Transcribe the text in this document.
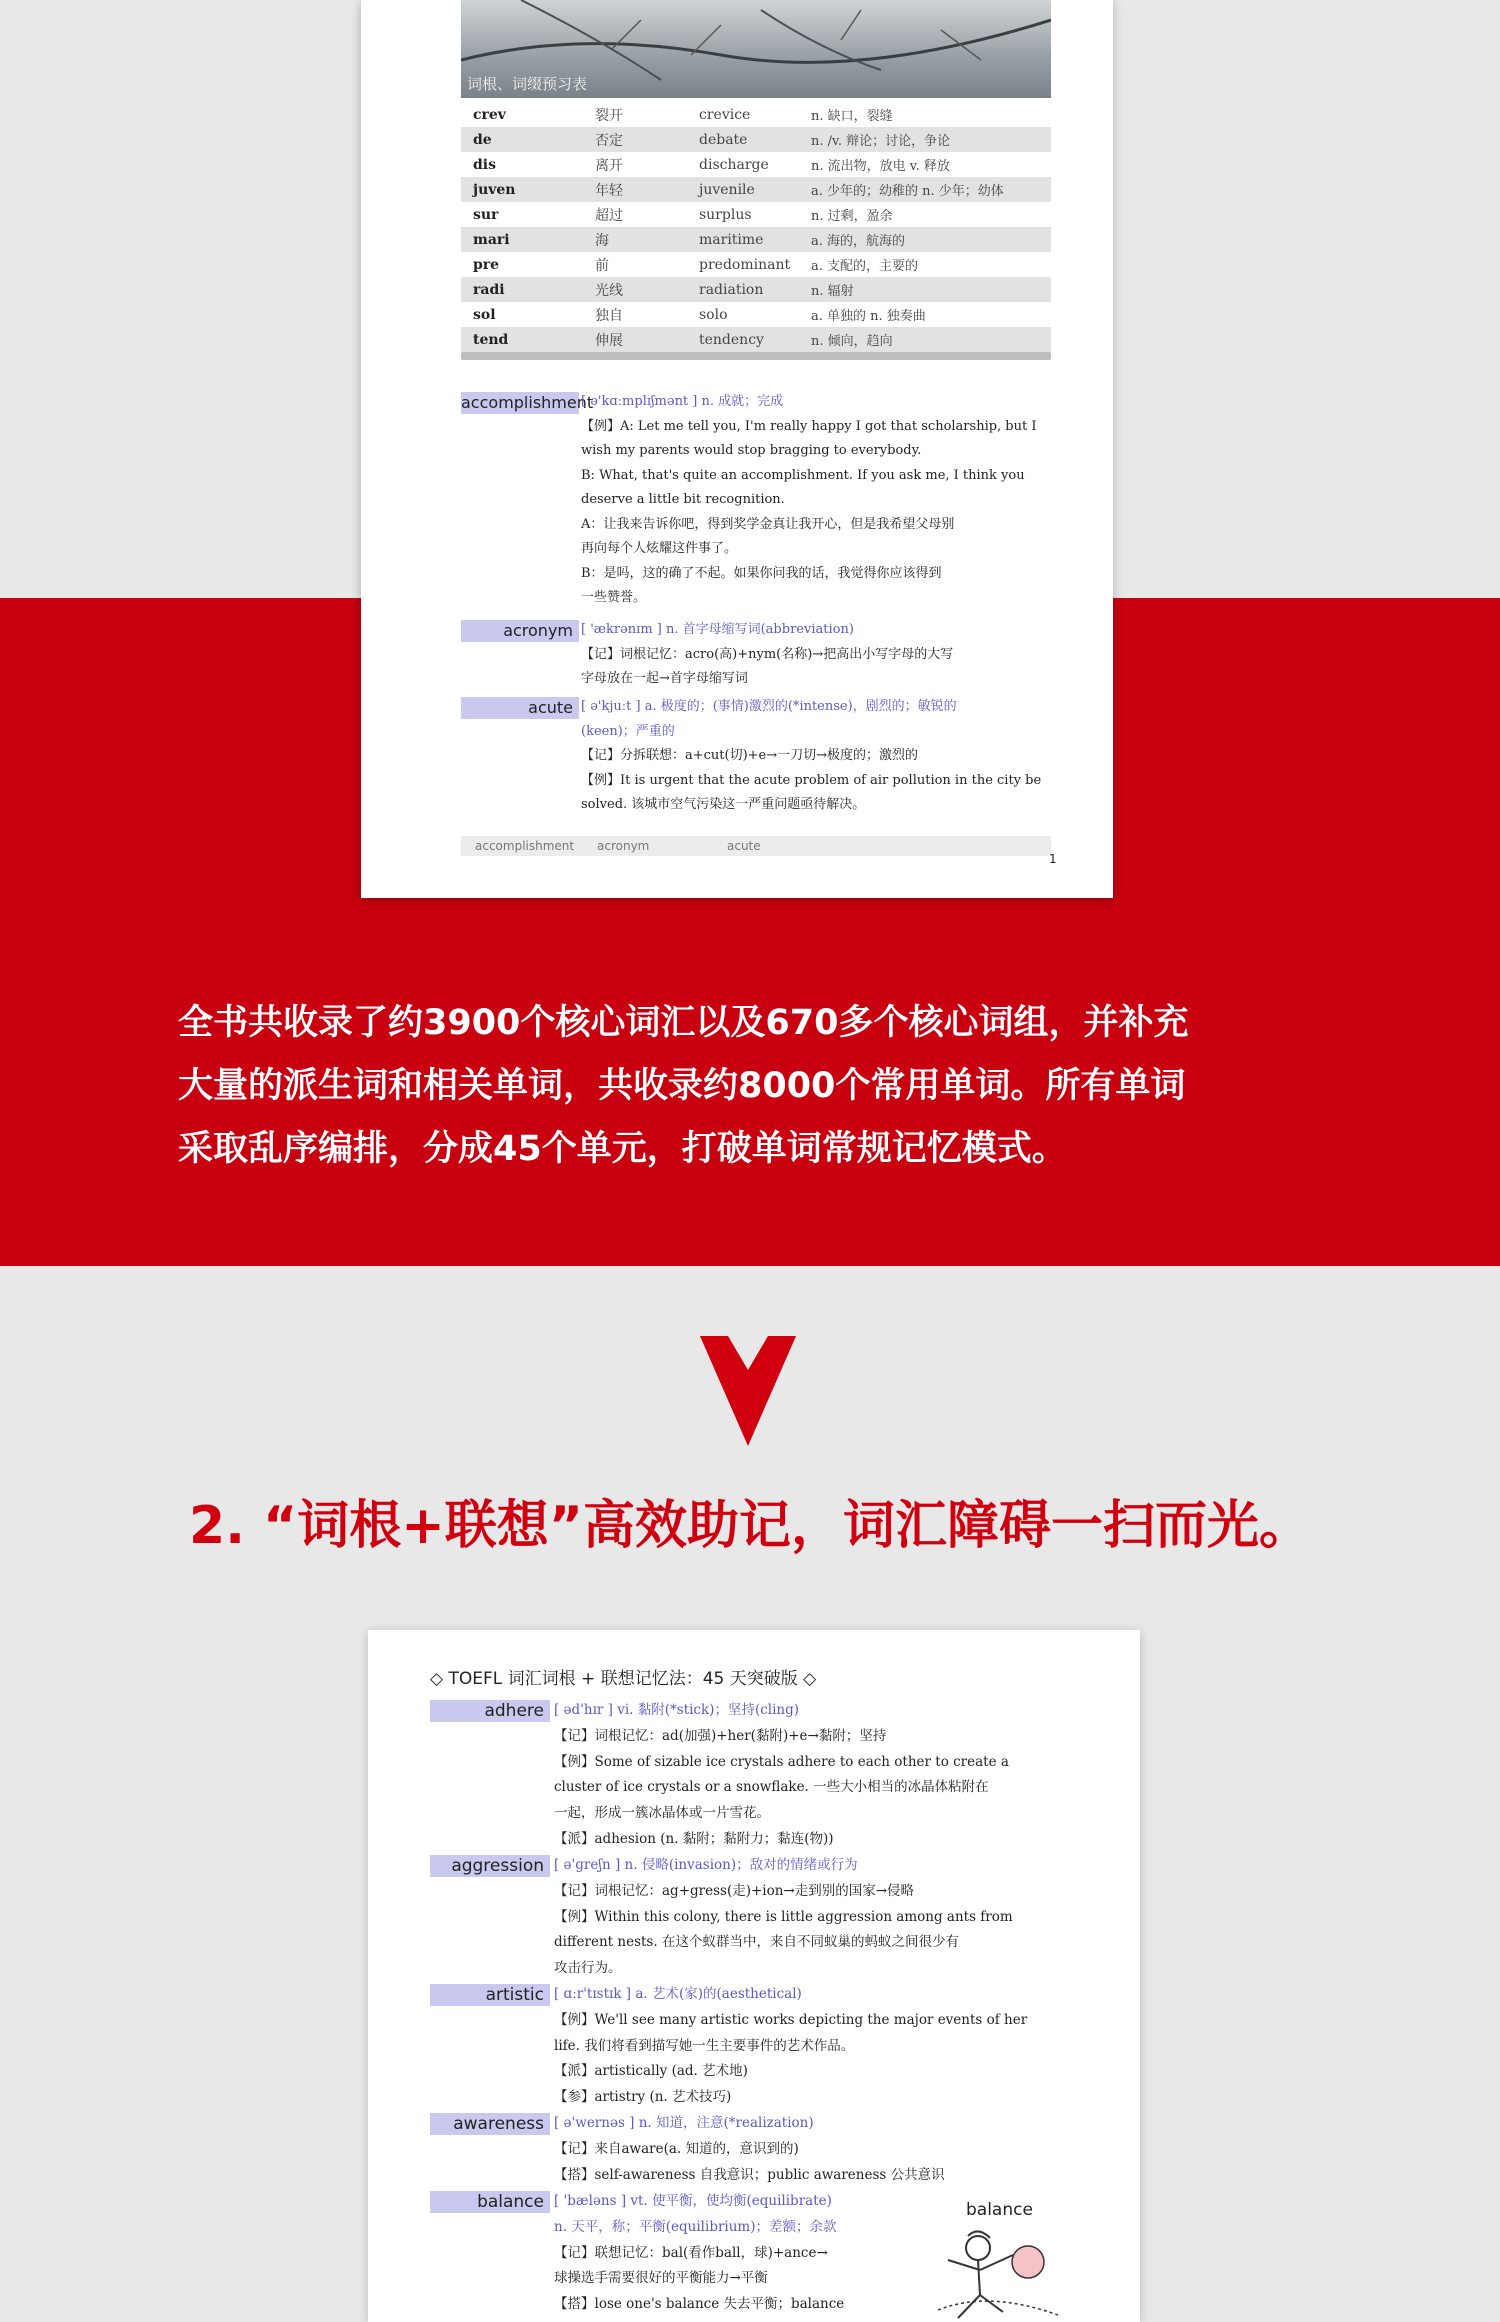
词根、词缀预习表
crev	裂开	crevice	n. 缺口，裂缝
de	否定	debate	n. /v. 辩论；讨论，争论
dis	离开	discharge	n. 流出物，放电 v. 释放
juven	年轻	juvenile	a. 少年的；幼稚的 n. 少年；幼体
sur	超过	surplus	n. 过剩，盈余
mari	海	maritime	a. 海的，航海的
pre	前	predominant	a. 支配的，主要的
radi	光线	radiation	n. 辐射
sol	独自	solo	a. 单独的 n. 独奏曲
tend	伸展	tendency	n. 倾向，趋向
accomplishment

[ ə'kɑːmplɪʃmənt ] n. 成就；完成

【例】A: Let me tell you, I'm really happy I got that scholarship, but I

wish my parents would stop bragging to everybody.

B: What, that's quite an accomplishment. If you ask me, I think you

deserve a little bit recognition.

A：让我来告诉你吧，得到奖学金真让我开心，但是我希望父母别

再向每个人炫耀这件事了。

B：是吗，这的确了不起。如果你问我的话，我觉得你应该得到

一些赞誉。

acronym [ 'ækrənɪm ] n. 首字母缩写词(abbreviation)

【记】词根记忆：acro(高)+nym(名称)→把高出小写字母的大写

字母放在一起→首字母缩写词

acute [ ə'kjuːt ] a. 极度的；(事情)激烈的(*intense)，剧烈的；敏锐的

(keen)；严重的

【记】分拆联想：a+cut(切)+e→一刀切→极度的；激烈的

【例】It is urgent that the acute problem of air pollution in the city be

solved. 该城市空气污染这一严重问题亟待解决。

accomplishment acronym	acute
1
全书共收录了约3900个核心词汇以及670多个核心词组，并补充
大量的派生词和相关单词，共收录约8000个常用单词。所有单词
采取乱序编排，分成45个单元，打破单词常规记忆模式。
2. “词根+联想”高效助记，词汇障碍一扫而光。
◇ TOEFL 词汇词根 + 联想记忆法：45 天突破版 ◇
adhere [ əd'hɪr ] vi. 黏附(*stick)；坚持(cling)

【记】词根记忆：ad(加强)+her(黏附)+e→黏附；坚持

【例】Some of sizable ice crystals adhere to each other to create a

cluster of ice crystals or a snowflake. 一些大小相当的冰晶体粘附在

一起，形成一簇冰晶体或一片雪花。

【派】adhesion (n. 黏附；黏附力；黏连(物))

aggression [ ə'ɡreʃn ] n. 侵略(invasion)；敌对的情绪或行为

【记】词根记忆：ag+gress(走)+ion→走到别的国家→侵略

【例】Within this colony, there is little aggression among ants from

different nests. 在这个蚁群当中，来自不同蚁巢的蚂蚁之间很少有

攻击行为。

artistic [ ɑːr'tɪstɪk ] a. 艺术(家)的(aesthetical)

【例】We'll see many artistic works depicting the major events of her

life. 我们将看到描写她一生主要事件的艺术作品。

【派】artistically (ad. 艺术地)

【参】artistry (n. 艺术技巧)

awareness [ ə'wernəs ] n. 知道，注意(*realization)

【记】来自aware(a. 知道的，意识到的)

【搭】self-awareness 自我意识；public awareness 公共意识

balance [ 'bæləns ] vt. 使平衡，使均衡(equilibrate)

n. 天平，称；平衡(equilibrium)；差额；余款

【记】联想记忆：bal(看作ball，球)+ance→

球操选手需要很好的平衡能力→平衡

【搭】lose one's balance 失去平衡；balance

balance
